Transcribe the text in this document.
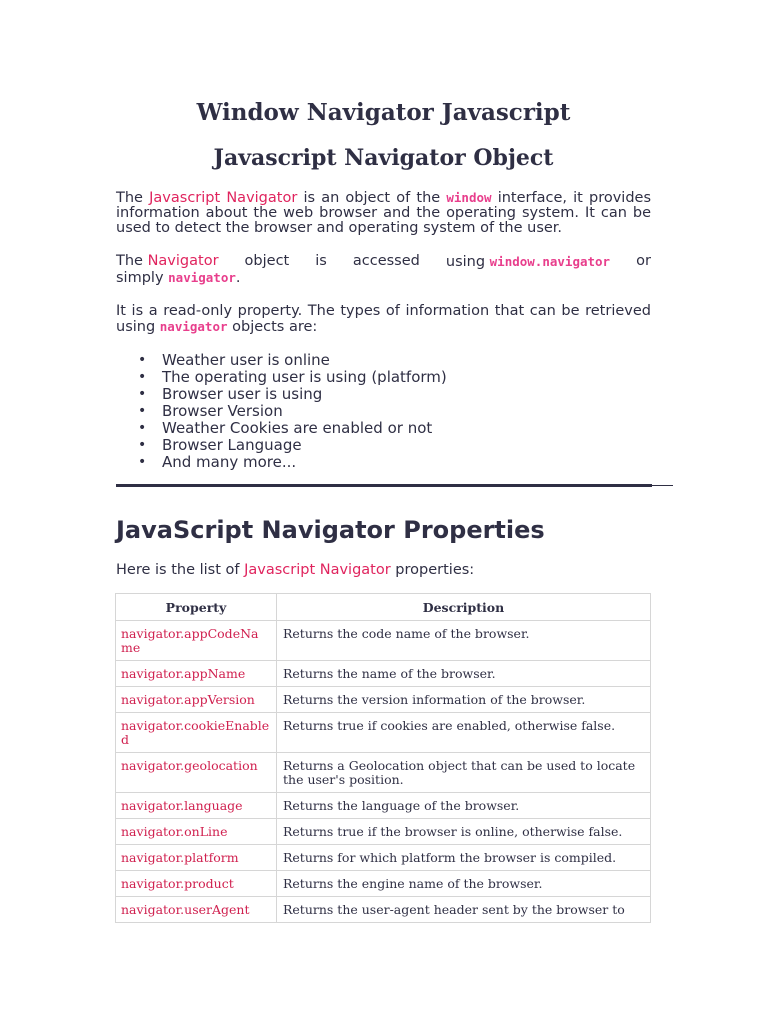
Window Navigator Javascript
Javascript Navigator Object

The Javascript Navigator is an object of the window interface, it provides information about the web browser and the operating system. It can be used to detect the browser and operating system of the user.

The Navigator object is accessed using window.navigator or
simply navigator.

It is a read-only property. The types of information that can be retrieved using navigator objects are:

• Weather user is online
• The operating user is using (platform)
• Browser user is using
• Browser Version
• Weather Cookies are enabled or not
• Browser Language
• And many more...
JavaScript Navigator Properties

Here is the list of Javascript Navigator properties:

Property	Description
navigator.appCodeName	Returns the code name of the browser.
navigator.appName	Returns the name of the browser.
navigator.appVersion	Returns the version information of the browser.
navigator.cookieEnabled	Returns true if cookies are enabled, otherwise false.
navigator.geolocation	Returns a Geolocation object that can be used to locate the user's position.
navigator.language	Returns the language of the browser.
navigator.onLine	Returns true if the browser is online, otherwise false.
navigator.platform	Returns for which platform the browser is compiled.
navigator.product	Returns the engine name of the browser.
navigator.userAgent	Returns the user-agent header sent by the browser to
